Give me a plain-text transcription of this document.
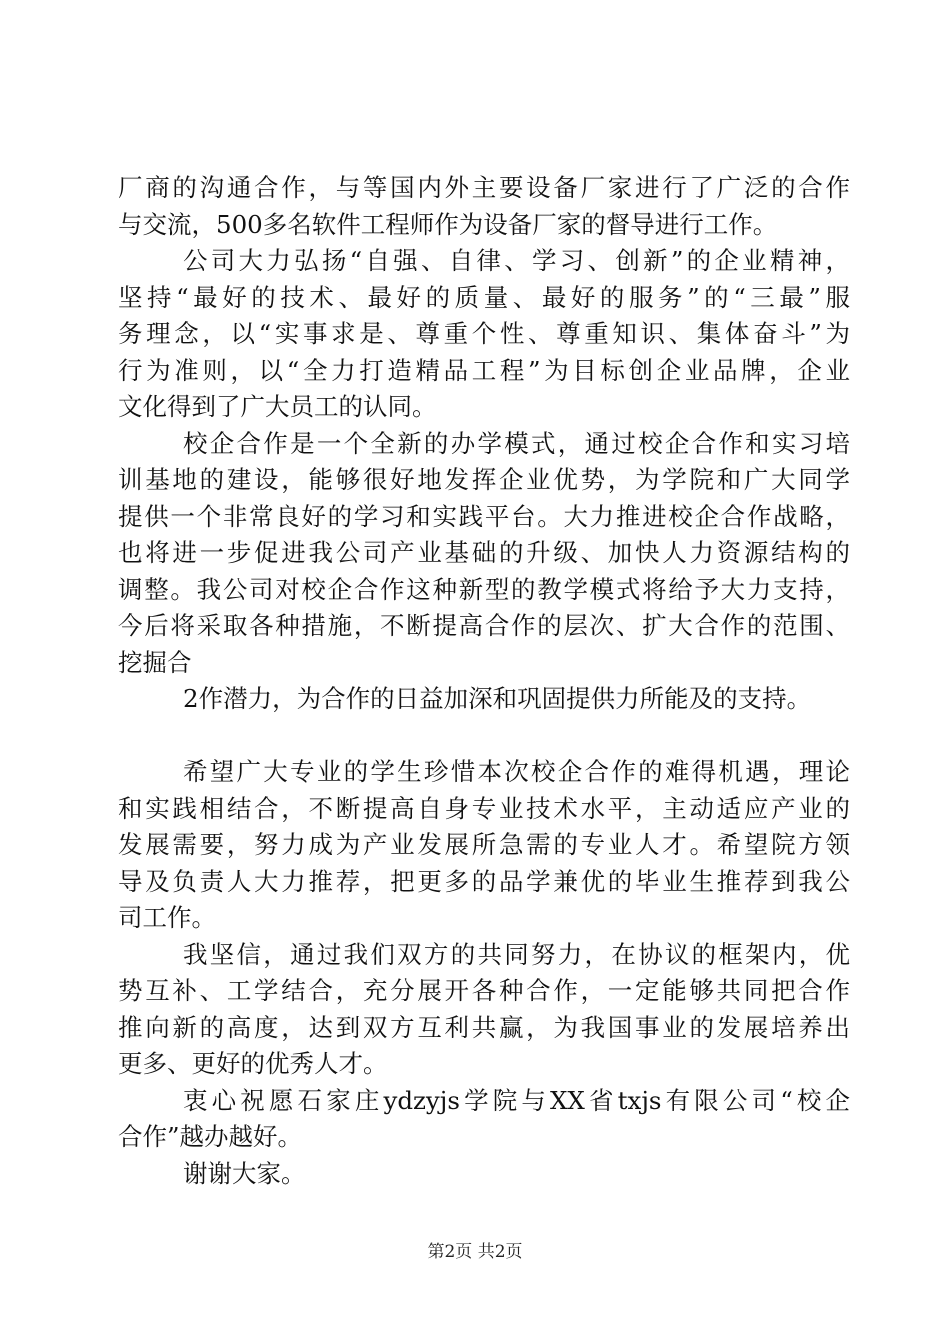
厂商的沟通合作，与等国内外主要设备厂家进行了广泛的合作
与交流，500多名软件工程师作为设备厂家的督导进行工作。
公司大力弘扬“自强、自律、学习、创新”的企业精神，
坚持“最好的技术、最好的质量、最好的服务”的“三最”服
务理念，以“实事求是、尊重个性、尊重知识、集体奋斗”为
行为准则，以“全力打造精品工程”为目标创企业品牌，企业
文化得到了广大员工的认同。
校企合作是一个全新的办学模式，通过校企合作和实习培
训基地的建设，能够很好地发挥企业优势，为学院和广大同学
提供一个非常良好的学习和实践平台。大力推进校企合作战略，
也将进一步促进我公司产业基础的升级、加快人力资源结构的
调整。我公司对校企合作这种新型的教学模式将给予大力支持，
今后将采取各种措施，不断提高合作的层次、扩大合作的范围、
挖掘合
2作潜力，为合作的日益加深和巩固提供力所能及的支持。
希望广大专业的学生珍惜本次校企合作的难得机遇，理论
和实践相结合，不断提高自身专业技术水平，主动适应产业的
发展需要，努力成为产业发展所急需的专业人才。希望院方领
导及负责人大力推荐，把更多的品学兼优的毕业生推荐到我公
司工作。
我坚信，通过我们双方的共同努力，在协议的框架内，优
势互补、工学结合，充分展开各种合作，一定能够共同把合作
推向新的高度，达到双方互利共赢，为我国事业的发展培养出
更多、更好的优秀人才。
衷心祝愿石家庄ydzyjs学院与XX省txjs有限公司“校企
合作”越办越好。
谢谢大家。
第2页 共2页
